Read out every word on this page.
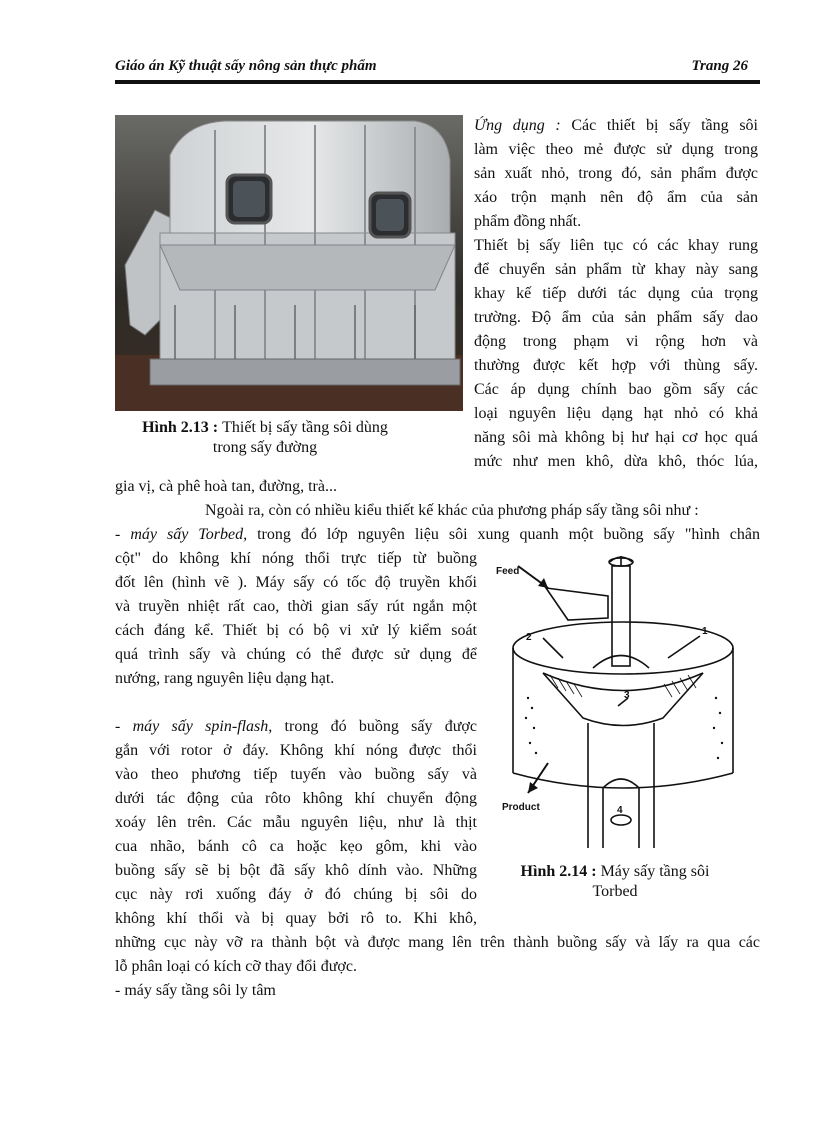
Giáo án Kỹ thuật sấy nông sản thực phẩm	Trang 26
Hình 2.13 : Thiết bị sấy tầng sôi dùng
trong sấy đường

Ứng dụng : Các thiết bị sấy tầng sôi

làm việc theo mẻ được sử dụng trong

sản xuất nhỏ, trong đó, sản phẩm được

xáo trộn mạnh nên độ ẩm của sản

phẩm đồng nhất.

Thiết bị sấy liên tục có các khay rung

để chuyển sản phẩm từ khay này sang

khay kế tiếp dưới tác dụng của trọng

trường. Độ ẩm của sản phẩm sấy dao

động trong phạm vi rộng hơn và

thường được kết hợp với thùng sấy.

Các áp dụng chính bao gồm sấy các

loại nguyên liệu dạng hạt nhỏ có khả

năng sôi mà không bị hư hại cơ học quá

mức như men khô, dừa khô, thóc lúa,

gia vị, cà phê hoà tan, đường, trà...

Ngoài ra, còn có nhiều kiểu thiết kế khác của phương pháp sấy tầng sôi như :

- máy sấy Torbed, trong đó lớp nguyên liệu sôi xung quanh một buồng sấy "hình chân

cột" do không khí nóng thổi trực tiếp từ buồng

đốt lên (hình vẽ ). Máy sấy có tốc độ truyền khối

và truyền nhiệt rất cao, thời gian sấy rút ngắn một

cách đáng kể. Thiết bị có bộ vi xử lý kiểm soát

quá trình sấy và chúng có thể được sử dụng để

nướng, rang nguyên liệu dạng hạt.

- máy sấy spin-flash, trong đó buồng sấy được

gắn với rotor ở đáy. Không khí nóng được thổi

vào theo phương tiếp tuyến vào buồng sấy và

dưới tác động của rôto không khí chuyển động

xoáy lên trên. Các mẫu nguyên liệu, như là thịt

cua nhão, bánh cô ca hoặc kẹo gôm, khi vào

buồng sấy sẽ bị bột đã sấy khô dính vào. Những

cục này rơi xuống đáy ở đó chúng bị sôi do

không khí thổi và bị quay bởi rô to. Khi khô,

những cục này vỡ ra thành bột và được mang lên trên thành buồng sấy và lấy ra qua các

lỗ phân loại có kích cỡ thay đổi được.

- máy sấy tầng sôi ly tâm

Feed
Product
1
2
3
4
Hình 2.14 : Máy sấy tầng sôi
Torbed
